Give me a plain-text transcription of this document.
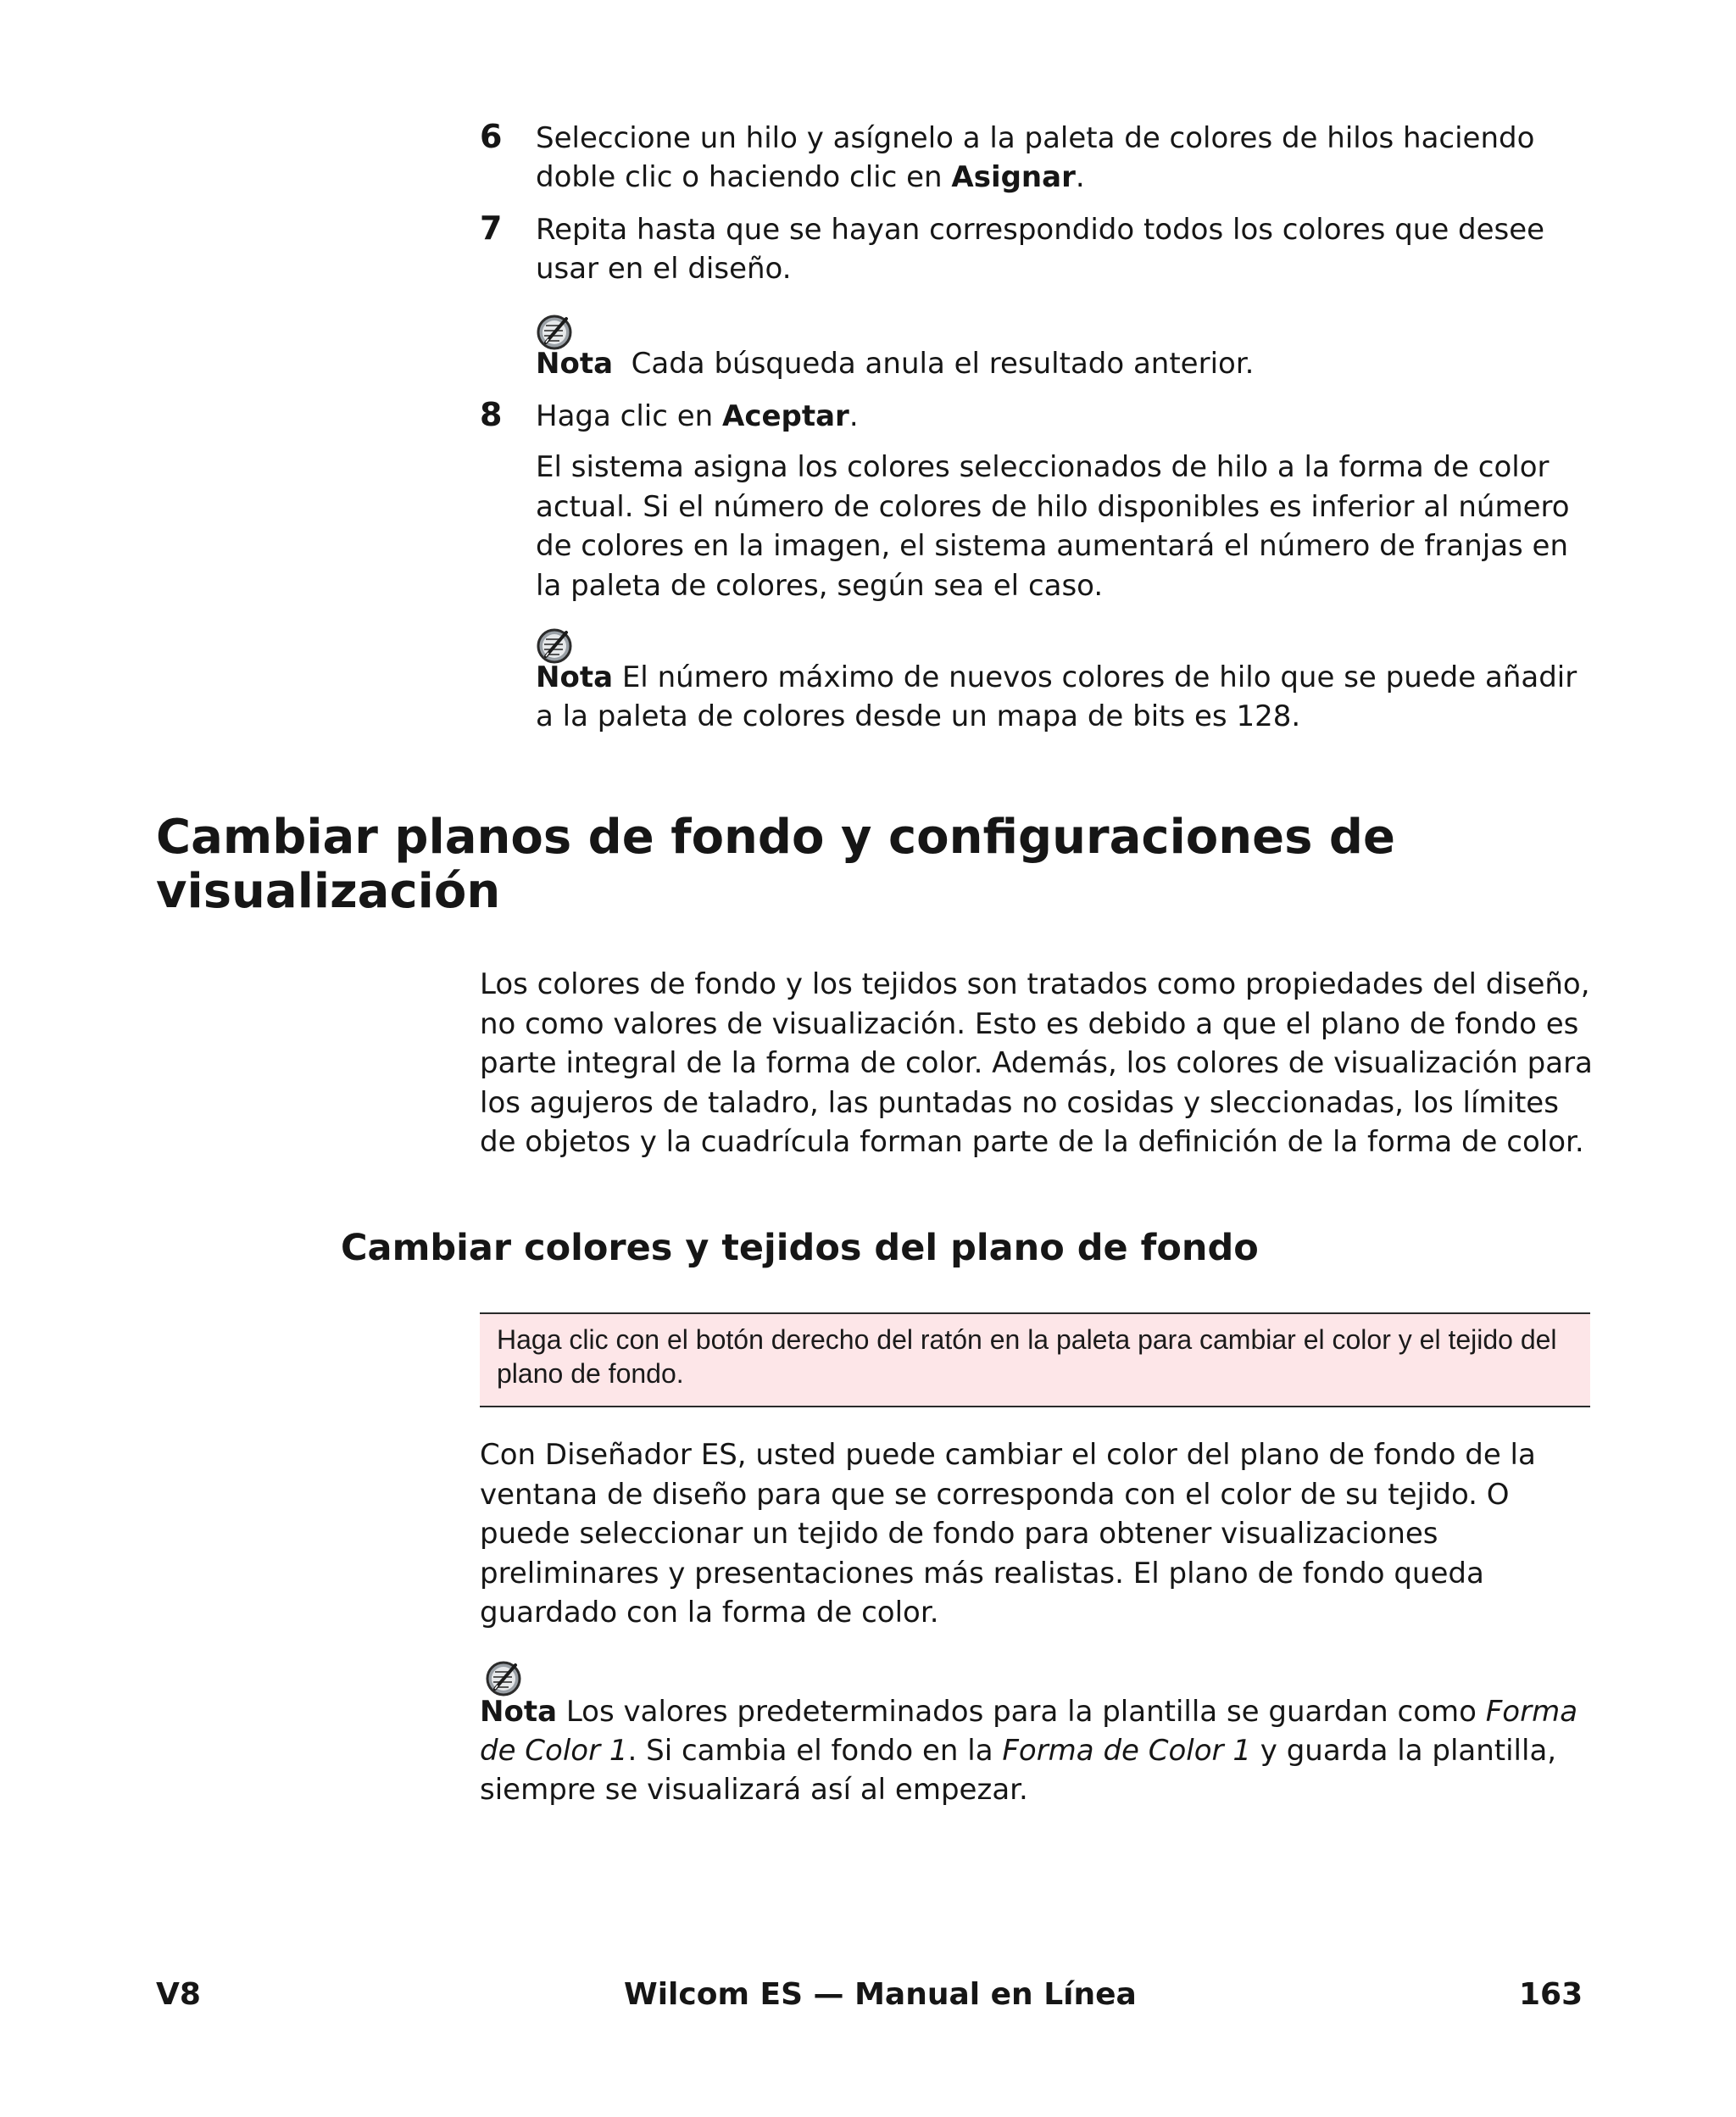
6 Seleccione un hilo y asígnelo a la paleta de colores de hilos haciendo doble clic o haciendo clic en Asignar.
7 Repita hasta que se hayan correspondido todos los colores que desee usar en el diseño.
Nota Cada búsqueda anula el resultado anterior.
8 Haga clic en Aceptar.
El sistema asigna los colores seleccionados de hilo a la forma de color actual. Si el número de colores de hilo disponibles es inferior al número de colores en la imagen, el sistema aumentará el número de franjas en la paleta de colores, según sea el caso.
Nota El número máximo de nuevos colores de hilo que se puede añadir a la paleta de colores desde un mapa de bits es 128.
Cambiar planos de fondo y configuraciones de visualización
Los colores de fondo y los tejidos son tratados como propiedades del diseño, no como valores de visualización. Esto es debido a que el plano de fondo es parte integral de la forma de color. Además, los colores de visualización para los agujeros de taladro, las puntadas no cosidas y sleccionadas, los límites de objetos y la cuadrícula forman parte de la definición de la forma de color.
Cambiar colores y tejidos del plano de fondo
Haga clic con el botón derecho del ratón en la paleta para cambiar el color y el tejido del plano de fondo.
Con Diseñador ES, usted puede cambiar el color del plano de fondo de la ventana de diseño para que se corresponda con el color de su tejido. O puede seleccionar un tejido de fondo para obtener visualizaciones preliminares y presentaciones más realistas. El plano de fondo queda guardado con la forma de color.
Nota Los valores predeterminados para la plantilla se guardan como Forma de Color 1. Si cambia el fondo en la Forma de Color 1 y guarda la plantilla, siempre se visualizará así al empezar.
V8	Wilcom ES — Manual en Línea	163
